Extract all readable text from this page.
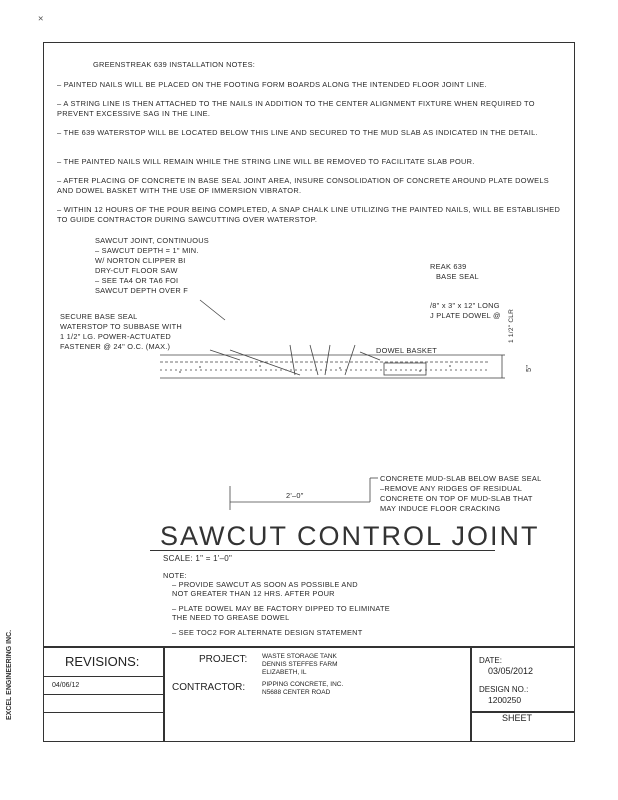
✕
GREENSTREAK 639 INSTALLATION NOTES:
– PAINTED NAILS WILL BE PLACED ON THE FOOTING FORM BOARDS ALONG THE INTENDED FLOOR JOINT LINE.
– A STRING LINE IS THEN ATTACHED TO THE NAILS IN ADDITION TO THE CENTER ALIGNMENT FIXTURE WHEN REQUIRED TO PREVENT EXCESSIVE SAG IN THE LINE.
– THE 639 WATERSTOP WILL BE LOCATED BELOW THIS LINE AND SECURED TO THE MUD SLAB AS INDICATED IN THE DETAIL.
– THE PAINTED NAILS WILL REMAIN WHILE THE STRING LINE WILL BE REMOVED TO FACILITATE SLAB POUR.
– AFTER PLACING OF CONCRETE IN BASE SEAL JOINT AREA, INSURE CONSOLIDATION OF CONCRETE AROUND PLATE DOWELS AND DOWEL BASKET WITH THE USE OF IMMERSION VIBRATOR.
– WITHIN 12 HOURS OF THE POUR BEING COMPLETED, A SNAP CHALK LINE UTILIZING THE PAINTED NAILS, WILL BE ESTABLISHED TO GUIDE CONTRACTOR DURING SAWCUTTING OVER WATERSTOP.
SAWCUT JOINT, CONTINUOUS
– SAWCUT DEPTH = 1" MIN.
W/ NORTON CLIPPER BI
DRY-CUT FLOOR SAW
– SEE TA4 OR TA6 FOI
SAWCUT DEPTH OVER F
REAK 639
BASE SEAL
/8" x 3" x 12" LONG
J PLATE DOWEL @
SECURE BASE SEAL
WATERSTOP TO SUBBASE WITH
1 1/2" LG. POWER-ACTUATED
FASTENER @ 24" O.C. (MAX.)	DOWEL BASKET
1 1/2" CLR
5"
2'–0"
CONCRETE MUD-SLAB BELOW BASE SEAL
–REMOVE ANY RIDGES OF RESIDUAL
CONCRETE ON TOP OF MUD-SLAB THAT
MAY INDUCE FLOOR CRACKING
SAWCUT CONTROL JOINT
SCALE: 1" = 1'–0"
NOTE:
– PROVIDE SAWCUT AS SOON AS POSSIBLE AND
NOT GREATER THAN 12 HRS. AFTER POUR
– PLATE DOWEL MAY BE FACTORY DIPPED TO ELIMINATE
THE NEED TO GREASE DOWEL
– SEE TOC2 FOR ALTERNATE DESIGN STATEMENT
REVISIONS:
04/06/12
PROJECT: WASTE STORAGE TANK
DENNIS STEFFES FARM
ELIZABETH, IL
CONTRACTOR:	PIPPING CONCRETE, INC.
N5688 CENTER ROAD
DATE:
03/05/2012
DESIGN NO.:
1200250
SHEET
EXCEL ENGINEERING INC.
